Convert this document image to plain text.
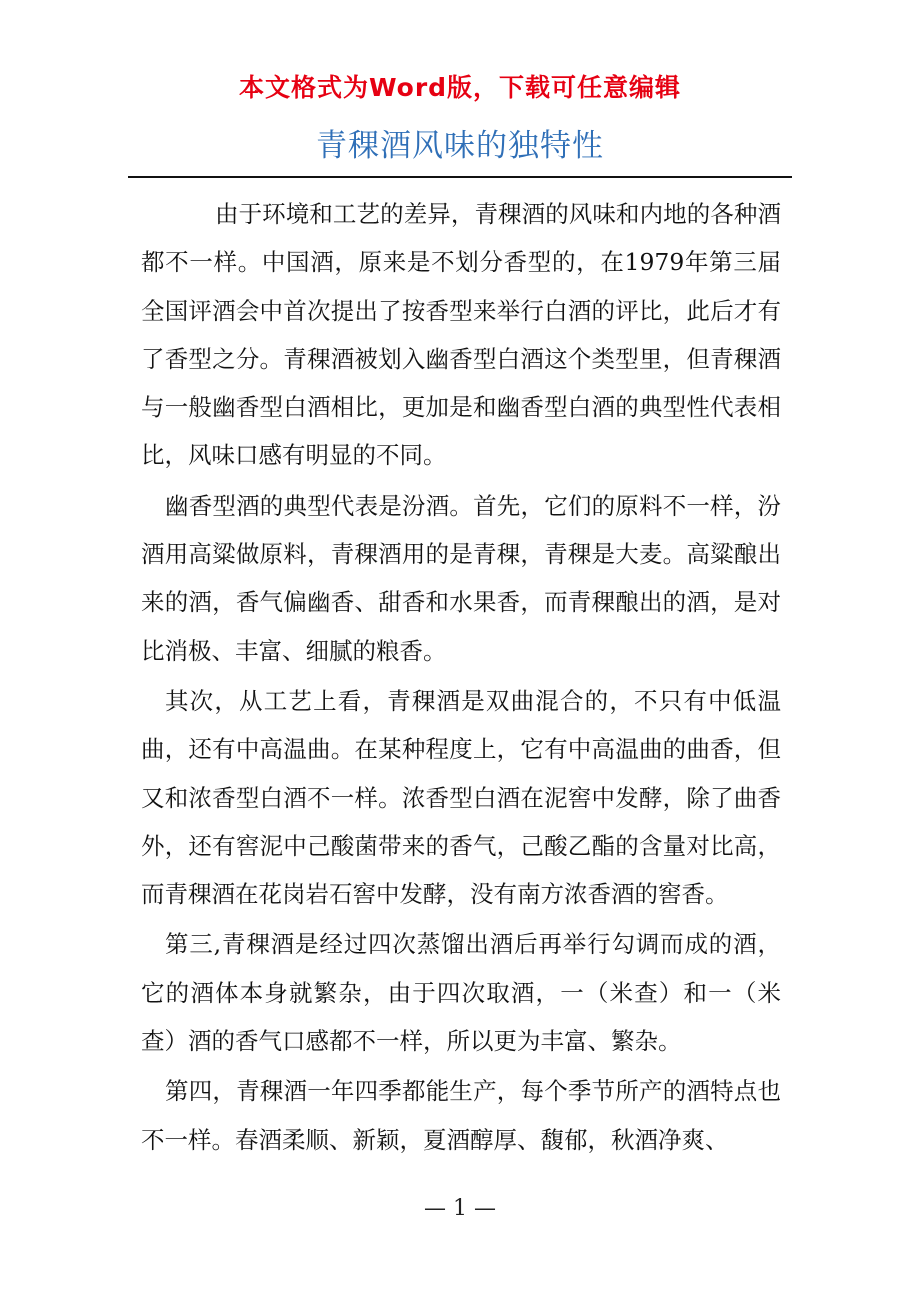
本文格式为Word版，下载可任意编辑
青稞酒风味的独特性

由于环境和工艺的差异，青稞酒的风味和内地的各种酒都不一样。中国酒，原来是不划分香型的，在1979年第三届全国评酒会中首次提出了按香型来举行白酒的评比，此后才有了香型之分。青稞酒被划入幽香型白酒这个类型里，但青稞酒与一般幽香型白酒相比，更加是和幽香型白酒的典型性代表相比，风味口感有明显的不同。

幽香型酒的典型代表是汾酒。首先，它们的原料不一样，汾酒用高粱做原料，青稞酒用的是青稞，青稞是大麦。高粱酿出来的酒，香气偏幽香、甜香和水果香，而青稞酿出的酒，是对比消极、丰富、细腻的粮香。

其次，从工艺上看，青稞酒是双曲混合的，不只有中低温曲，还有中高温曲。在某种程度上，它有中高温曲的曲香，但又和浓香型白酒不一样。浓香型白酒在泥窖中发酵，除了曲香外，还有窖泥中己酸菌带来的香气，己酸乙酯的含量对比高，而青稞酒在花岗岩石窖中发酵，没有南方浓香酒的窖香。

第三,青稞酒是经过四次蒸馏出酒后再举行勾调而成的酒，它的酒体本身就繁杂，由于四次取酒，一（米查）和一（米查）酒的香气口感都不一样，所以更为丰富、繁杂。

第四，青稞酒一年四季都能生产，每个季节所产的酒特点也不一样。春酒柔顺、新颖，夏酒醇厚、馥郁，秋酒净爽、

— 1 —
